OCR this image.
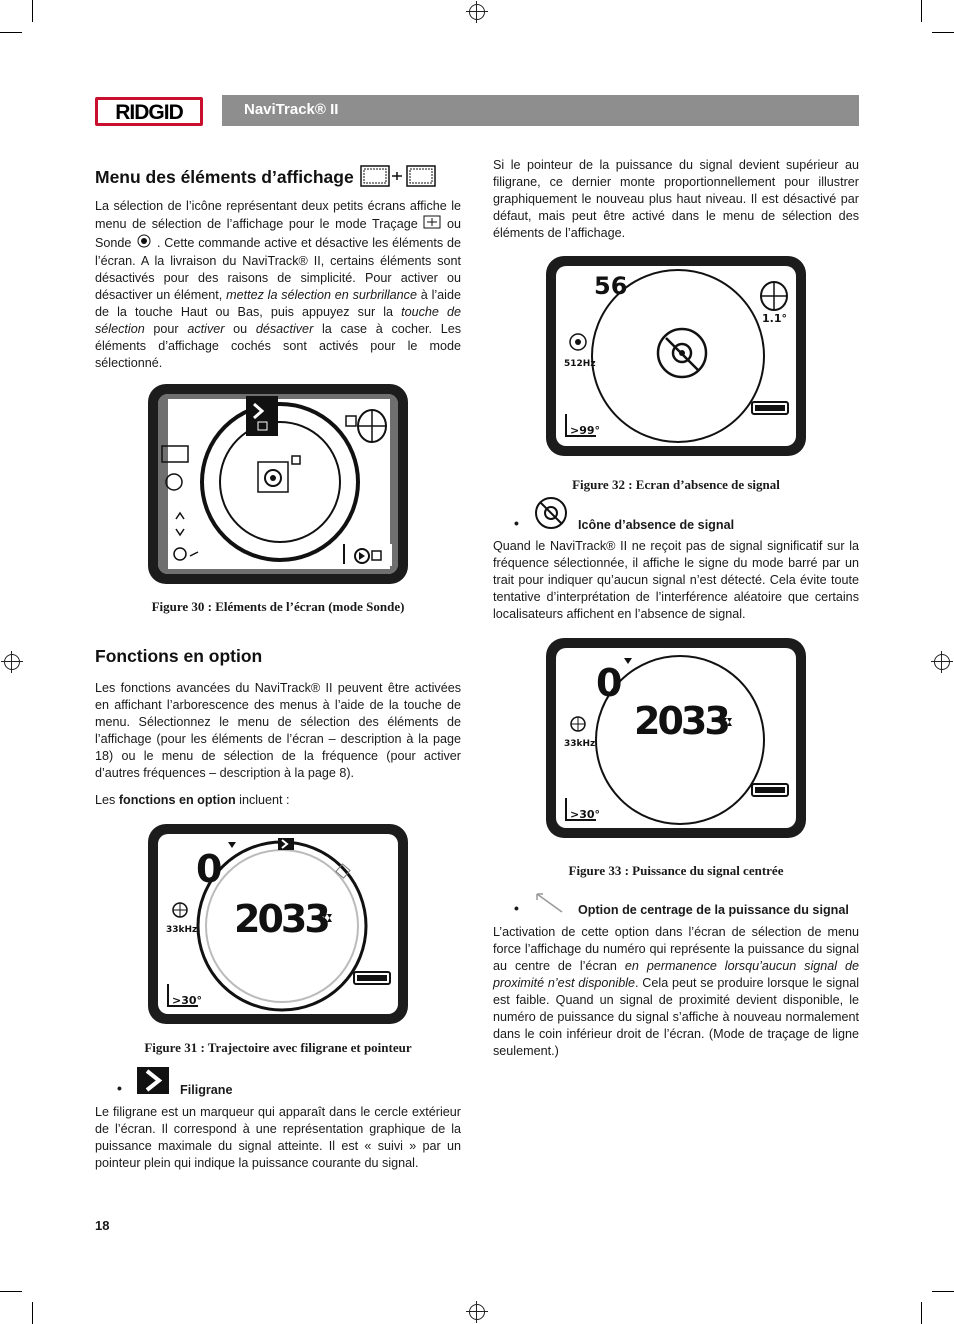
RIDGID	NaviTrack® II
Menu des éléments d’affichage
La sélection de l’icône représentant deux petits écrans affiche le menu de sélection de l’affichage pour le mode Traçage ou Sonde . Cette commande active et désactive les éléments de l’écran. A la livraison du NaviTrack® II, certains éléments sont désactivés pour des raisons de simplicité. Pour activer ou désactiver un élément, mettez la sélection en surbrillance à l’aide de la touche Haut ou Bas, puis appuyez sur la touche de sélection pour activer ou désactiver la case à cocher. Les éléments d’affichage cochés sont activés pour le mode sélectionné.
Figure 30 : Eléments de l’écran (mode Sonde)
Fonctions en option
Les fonctions avancées du NaviTrack® II peuvent être activées en affichant l’arborescence des menus à l’aide de la touche de menu. Sélectionnez le menu de sélection des éléments de l’affichage (pour les éléments de l’écran – description à la page 18) ou le menu de sélection de la fréquence (pour activer d’autres fréquences – description à la page 8).
Les fonctions en option incluent :
0
2033
33kHz
>30°
Figure 31 : Trajectoire avec filigrane et pointeur
•	Filigrane
Le filigrane est un marqueur qui apparaît dans le cercle extérieur de l’écran. Il correspond à une représentation graphique de la puissance maximale du signal atteinte. Il est « suivi » par un pointeur plein qui indique la puissance courante du signal.
Si le pointeur de la puissance du signal devient supérieur au filigrane, ce dernier monte proportionnellement pour illustrer graphiquement le nouveau plus haut niveau. Il est désactivé par défaut, mais peut être activé dans le menu de sélection des éléments de l’affichage.
56
1.1°
512Hz
>99°
Figure 32 : Ecran d’absence de signal
•	Icône d’absence de signal
Quand le NaviTrack® II ne reçoit pas de signal significatif sur la fréquence sélectionnée, il affiche le signe du mode barré par un trait pour indiquer qu’aucun signal n’est détecté. Cela évite toute tentative d’interprétation de l’interférence aléatoire que certains localisateurs affichent en l’absence de signal.
0
2033
33kHz
>30°
Figure 33 : Puissance du signal centrée
•	Option de centrage de la puissance du signal
L’activation de cette option dans l’écran de sélection de menu force l’affichage du numéro qui représente la puissance du signal au centre de l’écran en permanence lorsqu’aucun signal de proximité n’est disponible. Cela peut se produire lorsque le signal est faible. Quand un signal de proximité devient disponible, le numéro de puissance du signal s’affiche à nouveau normalement dans le coin inférieur droit de l’écran. (Mode de traçage de ligne seulement.)
18
